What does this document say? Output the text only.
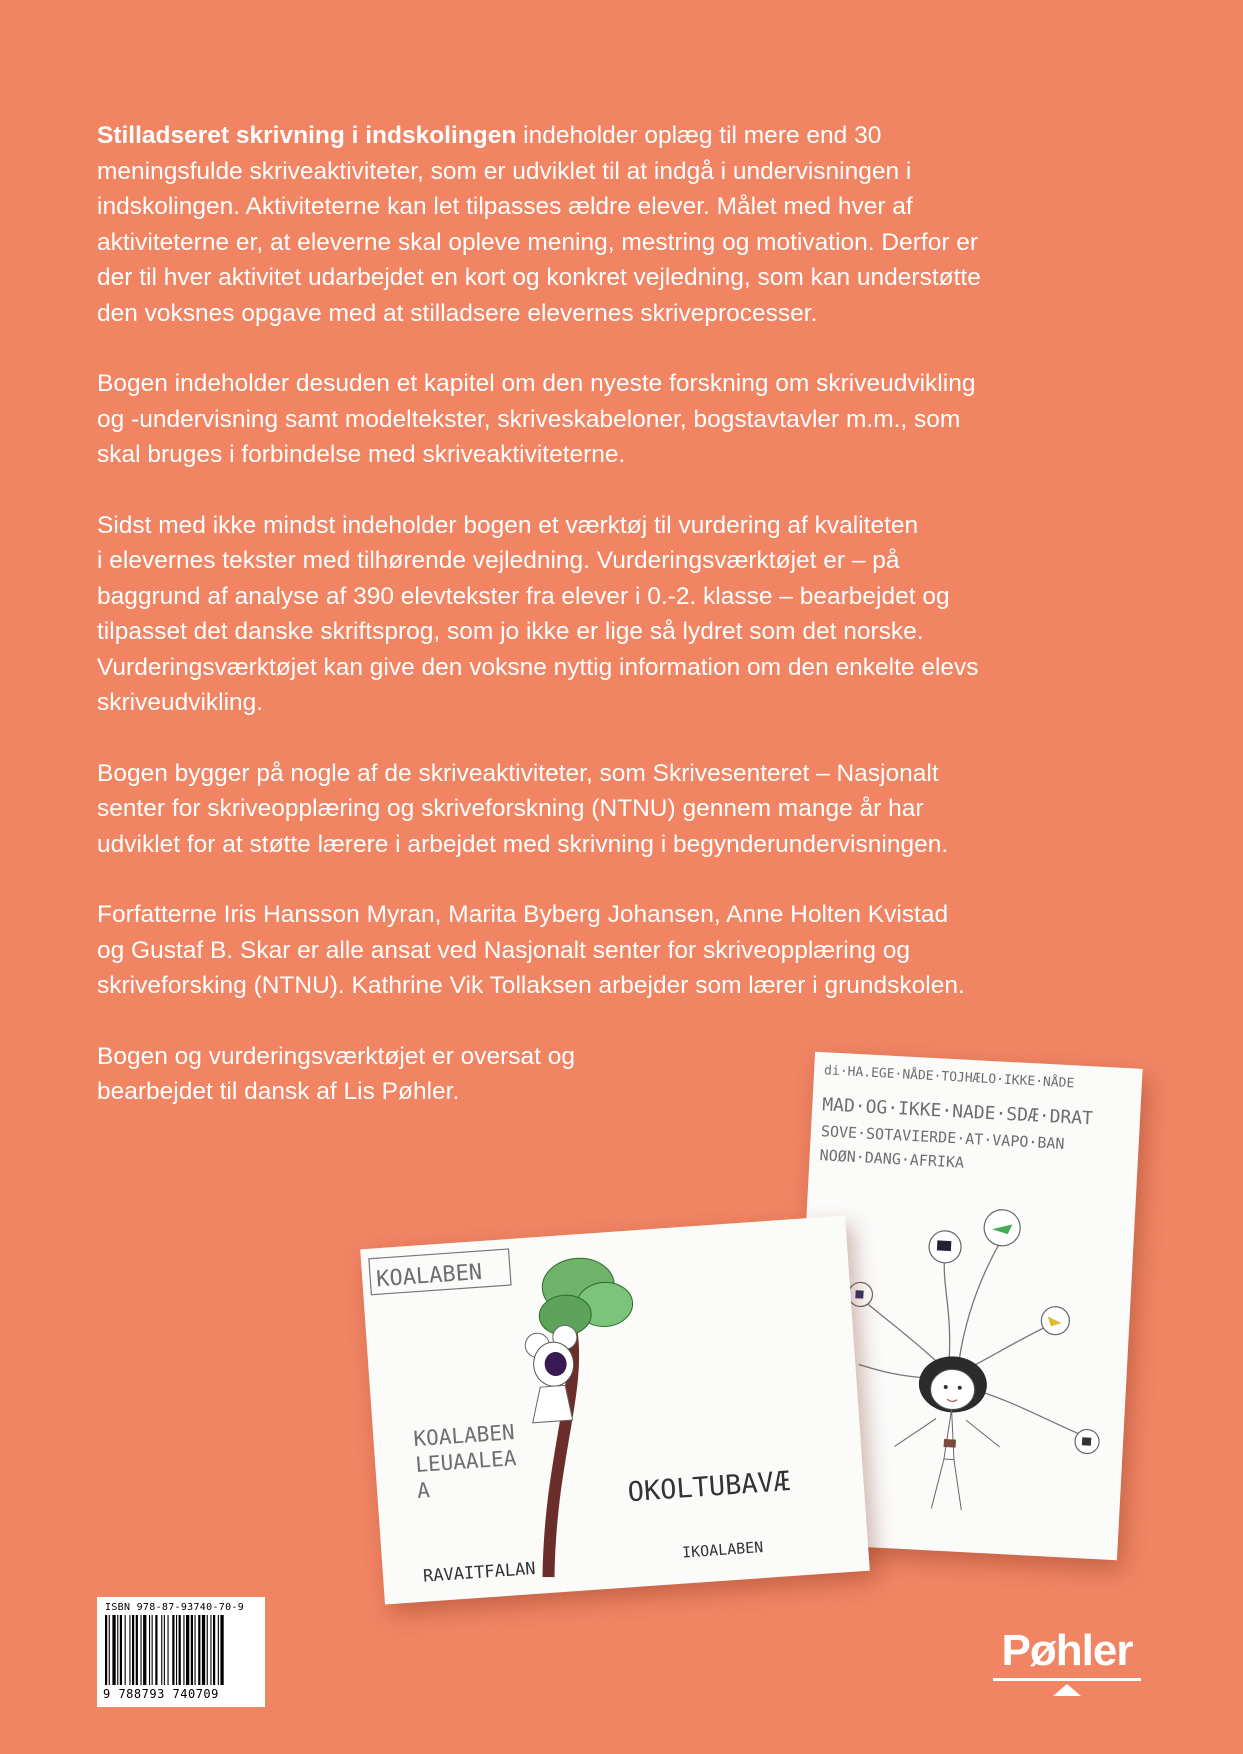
Stilladseret skrivning i indskolingen indeholder oplæg til mere end 30
meningsfulde skriveaktiviteter, som er udviklet til at indgå i undervisningen i
indskolingen. Aktiviteterne kan let tilpasses ældre elever. Målet med hver af
aktiviteterne er, at eleverne skal opleve mening, mestring og motivation. Derfor er
der til hver aktivitet udarbejdet en kort og konkret vejledning, som kan understøtte
den voksnes opgave med at stilladsere elevernes skriveprocesser.

Bogen indeholder desuden et kapitel om den nyeste forskning om skriveudvikling
og -undervisning samt modeltekster, skriveskabeloner, bogstavtavler m.m., som
skal bruges i forbindelse med skriveaktiviteterne.

Sidst med ikke mindst indeholder bogen et værktøj til vurdering af kvaliteten
i elevernes tekster med tilhørende vejledning. Vurderingsværktøjet er – på
baggrund af analyse af 390 elevtekster fra elever i 0.-2. klasse – bearbejdet og
tilpasset det danske skriftsprog, som jo ikke er lige så lydret som det norske.
Vurderingsværktøjet kan give den voksne nyttig information om den enkelte elevs
skriveudvikling.

Bogen bygger på nogle af de skriveaktiviteter, som Skrivesenteret – Nasjonalt
senter for skriveopplæring og skriveforskning (NTNU) gennem mange år har
udviklet for at støtte lærere i arbejdet med skrivning i begynderundervisningen.

Forfatterne Iris Hansson Myran, Marita Byberg Johansen, Anne Holten Kvistad
og Gustaf B. Skar er alle ansat ved Nasjonalt senter for skriveopplæring og
skriveforsking (NTNU). Kathrine Vik Tollaksen arbejder som lærer i grundskolen.

Bogen og vurderingsværktøjet er oversat og
bearbejdet til dansk af Lis Pøhler.

di·HA.EGE·NÅDE·TOJHÆLO·IKKE·NÅDE
MAD·OG·IKKE·NADE·SDÆ·DRAT
SOVE·SOTAVIERDE·AT·VAPO·BAN
NOØN·DANG·AFRIKA
KOALABEN
KOALABEN
LEUAALEA
A	OKOLTUBAVÆ
IKOALABEN
RAVAITFALAN
ISBN 978-87-93740-70-9
9 788793 740709
Pøhler
